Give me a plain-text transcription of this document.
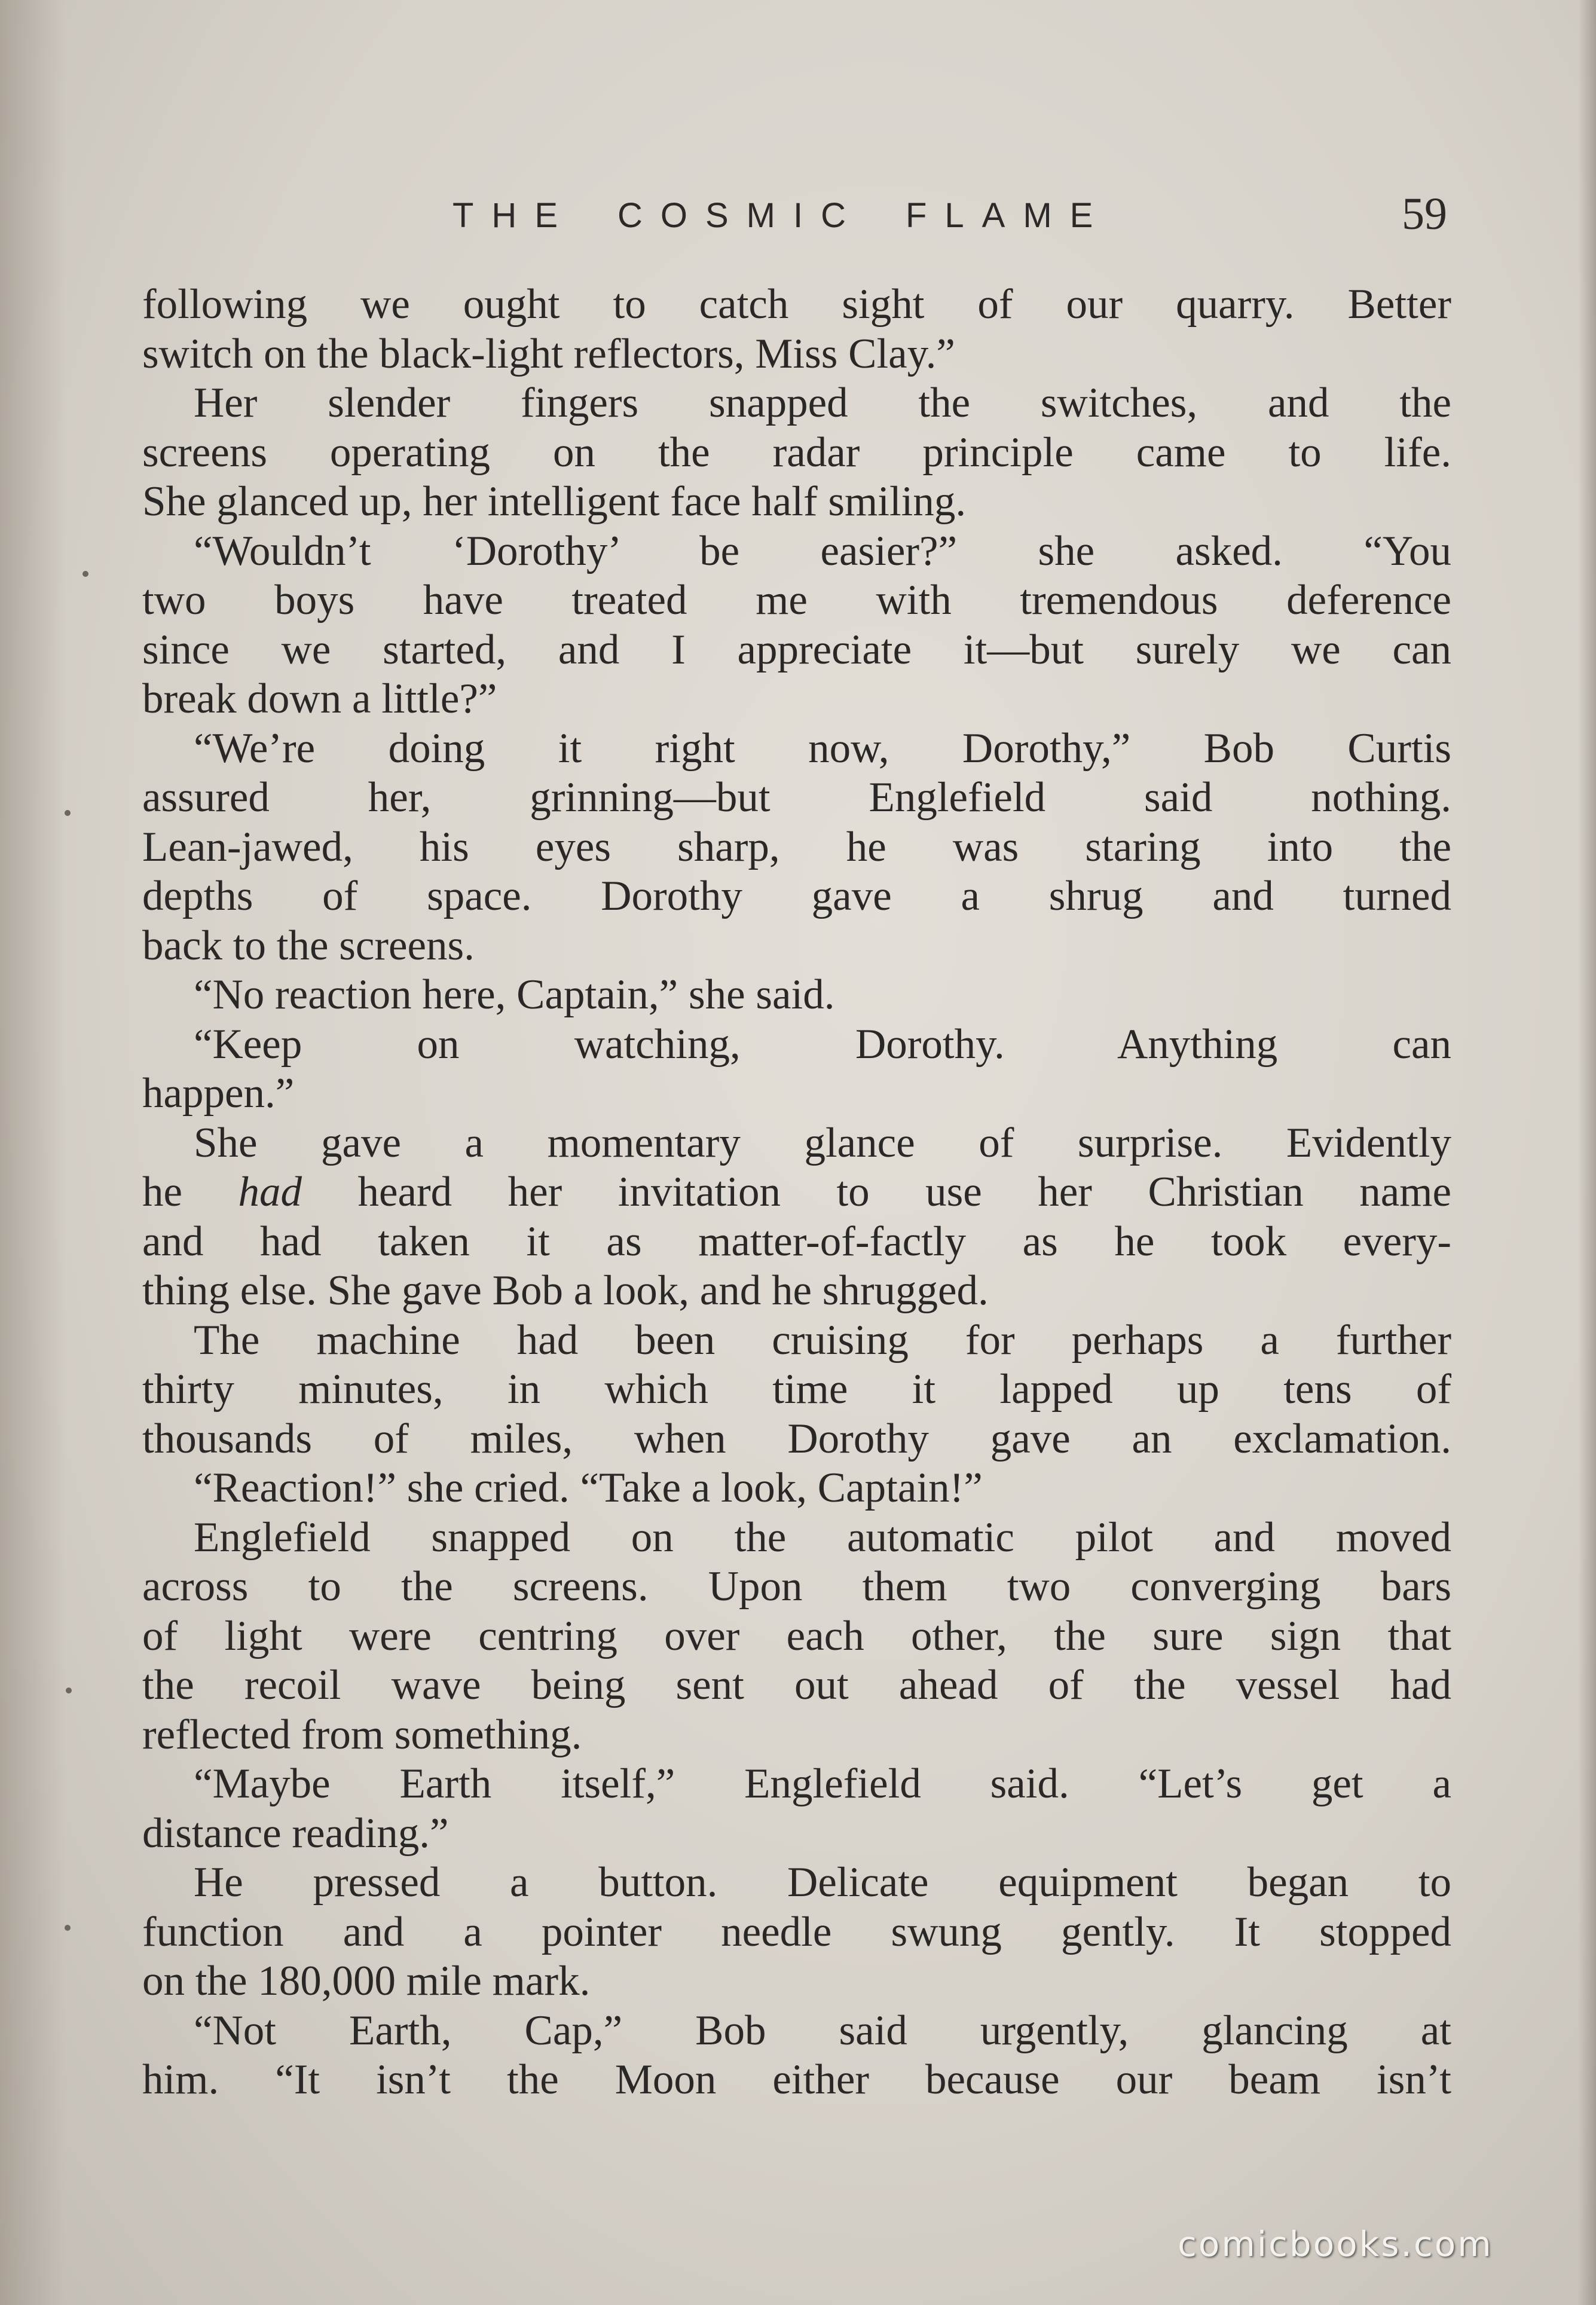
THE COSMIC FLAME	59
following we ought to catch sight of our quarry. Better
switch on the black-light reflectors, Miss Clay.”
Her slender fingers snapped the switches, and the
screens operating on the radar principle came to life.
She glanced up, her intelligent face half smiling.
“Wouldn’t ‘Dorothy’ be easier?” she asked. “You
two boys have treated me with tremendous deference
since we started, and I appreciate it—but surely we can
break down a little?”
“We’re doing it right now, Dorothy,” Bob Curtis
assured her, grinning—but Englefield said nothing.
Lean-jawed, his eyes sharp, he was staring into the
depths of space. Dorothy gave a shrug and turned
back to the screens.
“No reaction here, Captain,” she said.
“Keep on watching, Dorothy. Anything can
happen.”
She gave a momentary glance of surprise. Evidently
he had heard her invitation to use her Christian name
and had taken it as matter-of-factly as he took every-
thing else. She gave Bob a look, and he shrugged.
The machine had been cruising for perhaps a further
thirty minutes, in which time it lapped up tens of
thousands of miles, when Dorothy gave an exclamation.
“Reaction!” she cried. “Take a look, Captain!”
Englefield snapped on the automatic pilot and moved
across to the screens. Upon them two converging bars
of light were centring over each other, the sure sign that
the recoil wave being sent out ahead of the vessel had
reflected from something.
“Maybe Earth itself,” Englefield said. “Let’s get a
distance reading.”
He pressed a button. Delicate equipment began to
function and a pointer needle swung gently. It stopped
on the 180,000 mile mark.
“Not Earth, Cap,” Bob said urgently, glancing at
him. “It isn’t the Moon either because our beam isn’t
comicbooks.com
